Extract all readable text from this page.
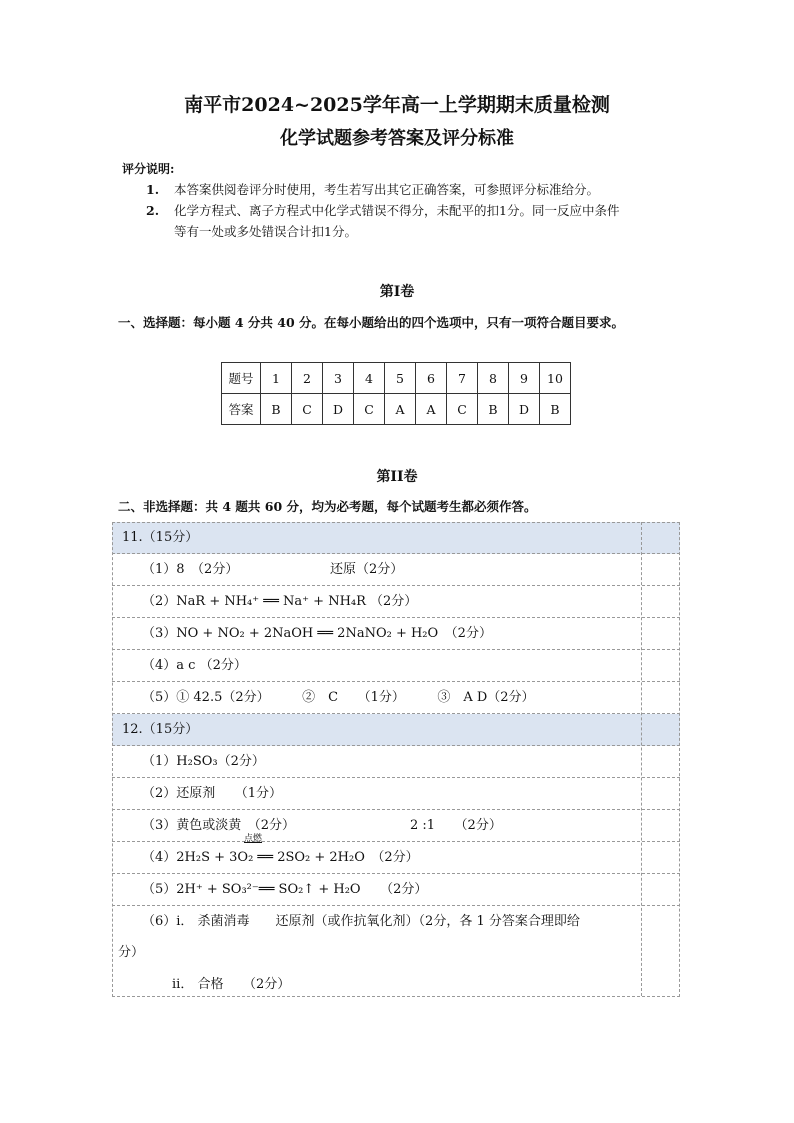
南平市2024~2025学年高一上学期期末质量检测
化学试题参考答案及评分标准
评分说明:
1. 本答案供阅卷评分时使用，考生若写出其它正确答案，可参照评分标准给分。
2. 化学方程式、离子方程式中化学式错误不得分，未配平的扣1分。同一反应中条件
等有一处或多处错误合计扣1分。
第I卷
一、选择题：每小题 4 分共 40 分。在每小题给出的四个选项中，只有一项符合题目要求。
题号	1	2	3	4	5	6	7	8	9	10
答案	B	C	D	C	A	A	C	B	D	B
第II卷
二、非选择题：共 4 题共 60 分，均为必考题，每个试题考生都必须作答。
11.（15分）
（1）8　（2分）	还原（2分）
（2）NaR + NH₄⁺ ══ Na⁺ + NH₄R （2分）
（3）NO + NO₂ + 2NaOH ══ 2NaNO₂ + H₂O　（2分）
（4）a c （2分）
（5）① 42.5（2分）　　　②　C　　（1分）　　　③　A D（2分）
12.（15分）
（1）H₂SO₃（2分）
（2）还原剂　　（1分）
（3）黄色或淡黄　（2分）	2 :1　　（2分）
（4）2H₂S + 3O₂ ══ 2SO₂ + 2H₂O　（2分）
点燃
（5）2H⁺ + SO₃²⁻══ SO₂↑ + H₂O　　（2分）
（6）ⅰ． 杀菌消毒　　还原剂（或作抗氧化剂）（2分，各 1 分答案合理即给
分）
ⅱ． 合格　　（2分）
